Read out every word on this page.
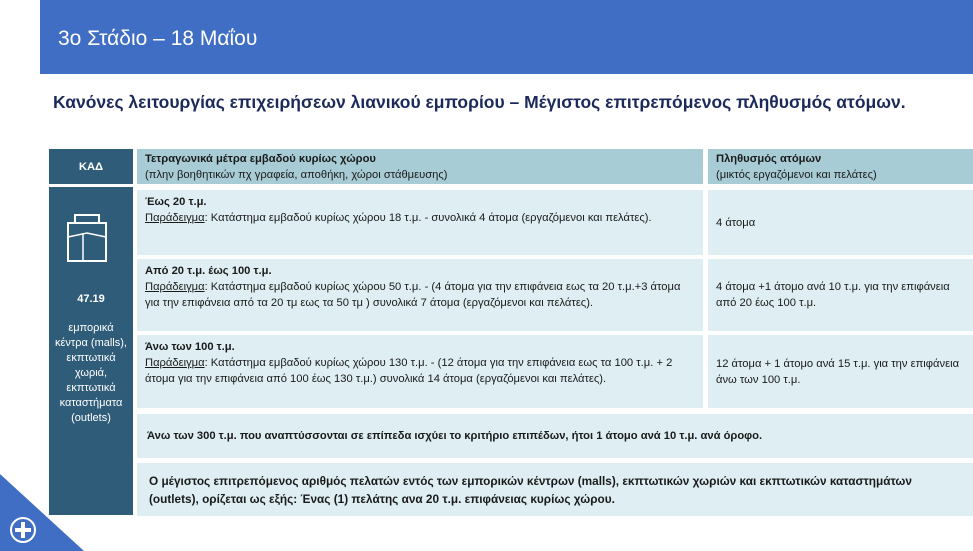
3ο Στάδιο – 18 Μαΐου
Κανόνες λειτουργίας επιχειρήσεων λιανικού εμπορίου – Μέγιστος επιτρεπόμενος πληθυσμός ατόμων.
ΚΑΔ
Τετραγωνικά μέτρα εμβαδού κυρίως χώρου
(πλην βοηθητικών πχ γραφεία, αποθήκη, χώροι στάθμευσης)
Πληθυσμός ατόμων
(μικτός εργαζόμενοι και πελάτες)
47.19
εμπορικά κέντρα (malls), εκπτωτικά χωριά, εκπτωτικά καταστήματα (outlets)
Έως 20 τ.μ.
Παράδειγμα: Κατάστημα εμβαδού κυρίως χώρου 18 τ.μ. - συνολικά 4 άτομα (εργαζόμενοι και πελάτες).	4 άτομα
Από 20 τ.μ. έως 100 τ.μ.
Παράδειγμα: Κατάστημα εμβαδού κυρίως χώρου 50 τ.μ. - (4 άτομα για την επιφάνεια εως τα 20 τ.μ.+3 άτομα για την επιφάνεια από τα 20 τμ εως τα 50 τμ ) συνολικά 7 άτομα (εργαζόμενοι και πελάτες).
4 άτομα +1 άτομο ανά 10 τ.μ. για την επιφάνεια από 20 έως 100 τ.μ.
Άνω των 100 τ.μ.
Παράδειγμα: Κατάστημα εμβαδού κυρίως χώρου 130 τ.μ. - (12 άτομα για την επιφάνεια εως τα 100 τ.μ. + 2 άτομα για την επιφάνεια από 100 έως 130 τ.μ.) συνολικά 14 άτομα (εργαζόμενοι και πελάτες).
12 άτομα + 1 άτομο ανά 15 τ.μ. για την επιφάνεια άνω των 100 τ.μ.
Άνω των 300 τ.μ. που αναπτύσσονται σε επίπεδα ισχύει το κριτήριο επιπέδων, ήτοι 1 άτομο ανά 10 τ.μ. ανά όροφο.
Ο μέγιστος επιτρεπόμενος αριθμός πελατών εντός των εμπορικών κέντρων (malls), εκπτωτικών χωριών και εκπτωτικών καταστημάτων (outlets), ορίζεται ως εξής: Ένας (1) πελάτης ανα 20 τ.μ. επιφάνειας κυρίως χώρου.
